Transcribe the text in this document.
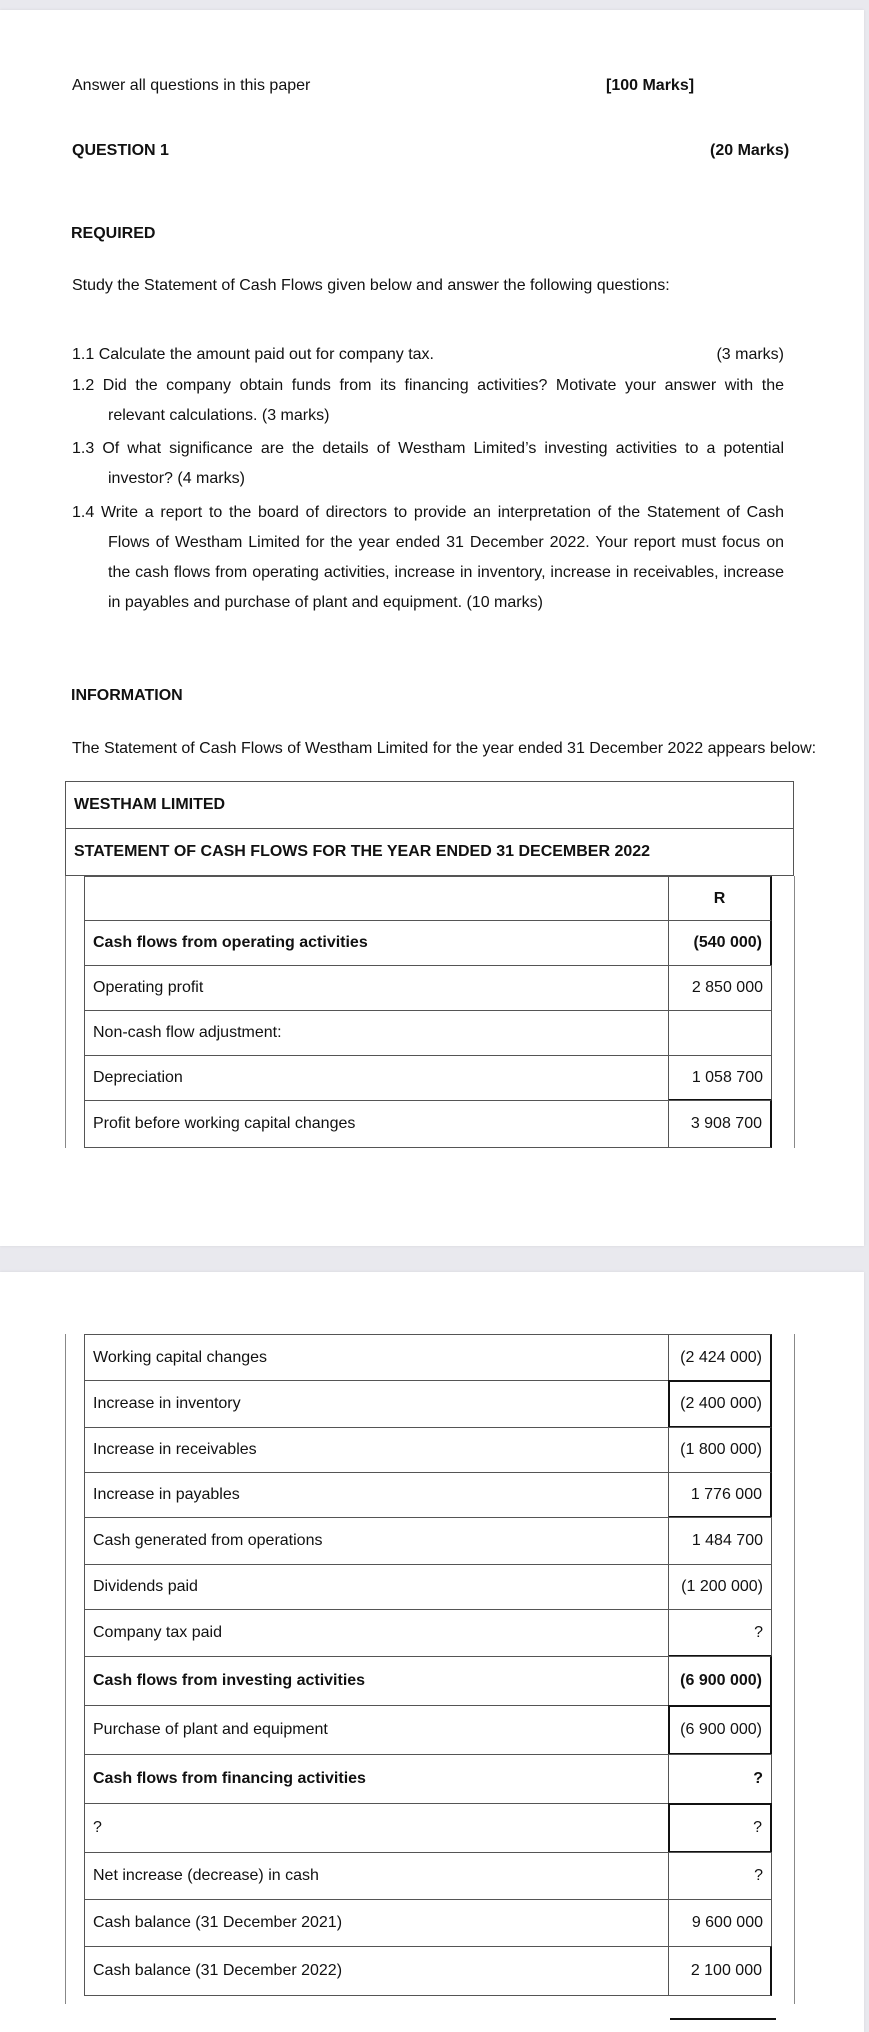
Answer all questions in this paper	[100 Marks]
QUESTION 1	(20 Marks)
REQUIRED
Study the Statement of Cash Flows given below and answer the following questions:
1.1 Calculate the amount paid out for company tax.	(3 marks)
1.2 Did the company obtain funds from its financing activities? Motivate your answer with the relevant calculations. (3 marks)
1.3 Of what significance are the details of Westham Limited’s investing activities to a potential investor? (4 marks)
1.4 Write a report to the board of directors to provide an interpretation of the Statement of Cash Flows of Westham Limited for the year ended 31 December 2022. Your report must focus on the cash flows from operating activities, increase in inventory, increase in receivables, increase in payables and purchase of plant and equipment. (10 marks)
INFORMATION
The Statement of Cash Flows of Westham Limited for the year ended 31 December 2022 appears below:
WESTHAM LIMITED
STATEMENT OF CASH FLOWS FOR THE YEAR ENDED 31 DECEMBER 2022
R
Cash flows from operating activities	(540 000)
Operating profit	2 850 000
Non-cash flow adjustment:
Depreciation	1 058 700
Profit before working capital changes	3 908 700
Working capital changes	(2 424 000)
Increase in inventory	(2 400 000)
Increase in receivables	(1 800 000)
Increase in payables	1 776 000
Cash generated from operations	1 484 700
Dividends paid	(1 200 000)
Company tax paid	?
Cash flows from investing activities	(6 900 000)
Purchase of plant and equipment	(6 900 000)
Cash flows from financing activities	?
?	?
Net increase (decrease) in cash	?
Cash balance (31 December 2021)	9 600 000
Cash balance (31 December 2022)	2 100 000
